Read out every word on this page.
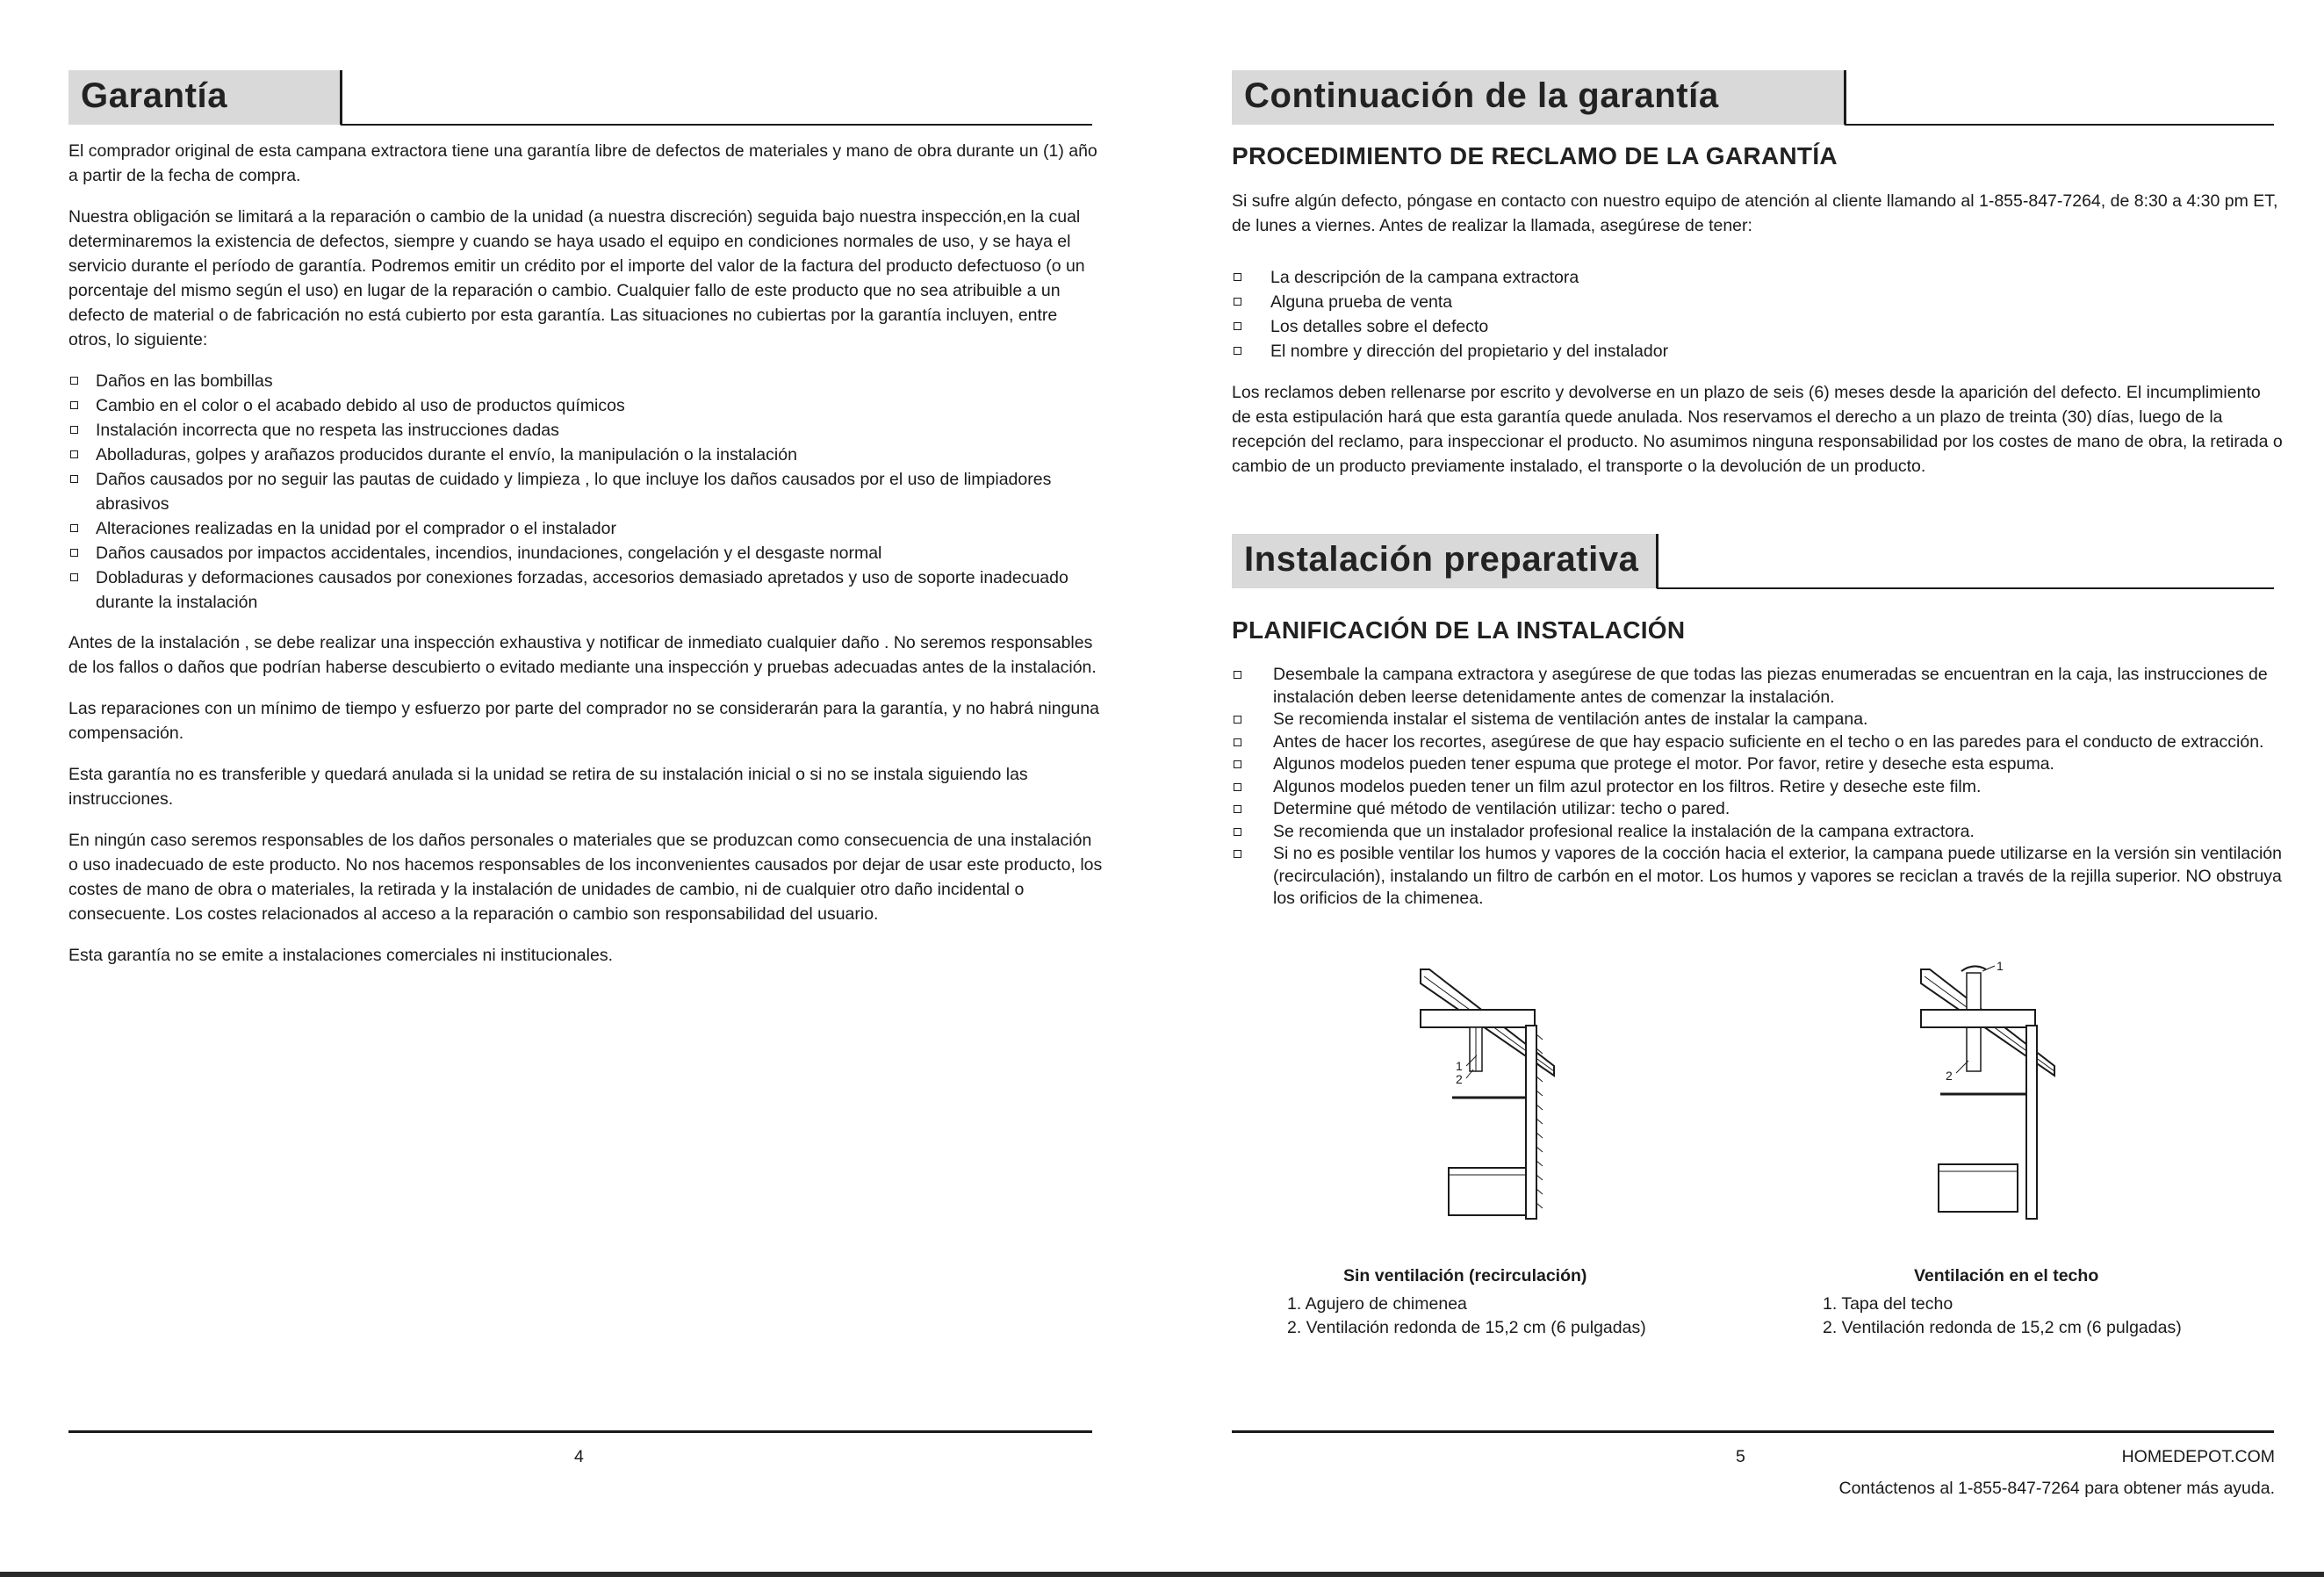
Garantía

El comprador original de esta campana extractora tiene una garantía libre de defectos de materiales y mano de obra durante un (1) año a partir de la fecha de compra.

Nuestra obligación se limitará a la reparación o cambio de la unidad (a nuestra discreción) seguida bajo nuestra inspección,en la cual determinaremos la existencia de defectos, siempre y cuando se haya usado el equipo en condiciones normales de uso, y se haya el servicio durante el período de garantía. Podremos emitir un crédito por el importe del valor de la factura del producto defectuoso (o un porcentaje del mismo según el uso) en lugar de la reparación o cambio. Cualquier fallo de este producto que no sea atribuible a un defecto de material o de fabricación no está cubierto por esta garantía. Las situaciones no cubiertas por la garantía incluyen, entre otros, lo siguiente:

Daños en las bombillas
Cambio en el color o el acabado debido al uso de productos químicos
Instalación incorrecta que no respeta las instrucciones dadas
Abolladuras, golpes y arañazos producidos durante el envío, la manipulación o la instalación
Daños causados por no seguir las pautas de cuidado y limpieza , lo que incluye los daños causados por el uso de limpiadores abrasivos
Alteraciones realizadas en la unidad por el comprador o el instalador
Daños causados por impactos accidentales, incendios, inundaciones, congelación y el desgaste normal
Dobladuras y deformaciones causados por conexiones forzadas, accesorios demasiado apretados y uso de soporte inadecuado durante la instalación

Antes de la instalación , se debe realizar una inspección exhaustiva y notificar de inmediato cualquier daño . No seremos responsables de los fallos o daños que podrían haberse descubierto o evitado mediante una inspección y pruebas adecuadas antes de la instalación.

Las reparaciones con un mínimo de tiempo y esfuerzo por parte del comprador no se considerarán para la garantía, y no habrá ninguna compensación.

Esta garantía no es transferible y quedará anulada si la unidad se retira de su instalación inicial o si no se instala siguiendo las instrucciones.

En ningún caso seremos responsables de los daños personales o materiales que se produzcan como consecuencia de una instalación o uso inadecuado de este producto. No nos hacemos responsables de los inconvenientes causados por dejar de usar este producto, los costes de mano de obra o materiales, la retirada y la instalación de unidades de cambio, ni de cualquier otro daño incidental o consecuente. Los costes relacionados al acceso a la reparación o cambio son responsabilidad del usuario.

Esta garantía no se emite a instalaciones comerciales ni institucionales.

4
Continuación de la garantía
PROCEDIMIENTO DE RECLAMO DE LA GARANTÍA

Si sufre algún defecto, póngase en contacto con nuestro equipo de atención al cliente llamando al 1-855-847-7264, de 8:30 a 4:30 pm ET, de lunes a viernes. Antes de realizar la llamada, asegúrese de tener:

La descripción de la campana extractora
Alguna prueba de venta
Los detalles sobre el defecto
El nombre y dirección del propietario y del instalador

Los reclamos deben rellenarse por escrito y devolverse en un plazo de seis (6) meses desde la aparición del defecto. El incumplimiento de esta estipulación hará que esta garantía quede anulada. Nos reservamos el derecho a un plazo de treinta (30) días, luego de la recepción del reclamo, para inspeccionar el producto. No asumimos ninguna responsabilidad por los costes de mano de obra, la retirada o cambio de un producto previamente instalado, el transporte o la devolución de un producto.

Instalación preparativa
PLANIFICACIÓN DE LA INSTALACIÓN
Desembale la campana extractora y asegúrese de que todas las piezas enumeradas se encuentran en la caja, las instrucciones de instalación deben leerse detenidamente antes de comenzar la instalación.
Se recomienda instalar el sistema de ventilación antes de instalar la campana.
Antes de hacer los recortes, asegúrese de que hay espacio suficiente en el techo o en las paredes para el conducto de extracción.
Algunos modelos pueden tener espuma que protege el motor. Por favor, retire y deseche esta espuma.
Algunos modelos pueden tener un film azul protector en los filtros. Retire y deseche este film.
Determine qué método de ventilación utilizar: techo o pared.
Se recomienda que un instalador profesional realice la instalación de la campana extractora.
Si no es posible ventilar los humos y vapores de la cocción hacia el exterior, la campana puede utilizarse en la versión sin ventilación (recirculación), instalando un filtro de carbón en el motor. Los humos y vapores se reciclan a través de la rejilla superior. NO obstruya los orificios de la chimenea.
1
2
Sin ventilación (recirculación)
1. Agujero de chimenea
2. Ventilación redonda de 15,2 cm (6 pulgadas)
1
2
Ventilación en el techo
1. Tapa del techo
2. Ventilación redonda de 15,2 cm (6 pulgadas)
5	HOMEDEPOT.COM
Contáctenos al 1-855-847-7264 para obtener más ayuda.
